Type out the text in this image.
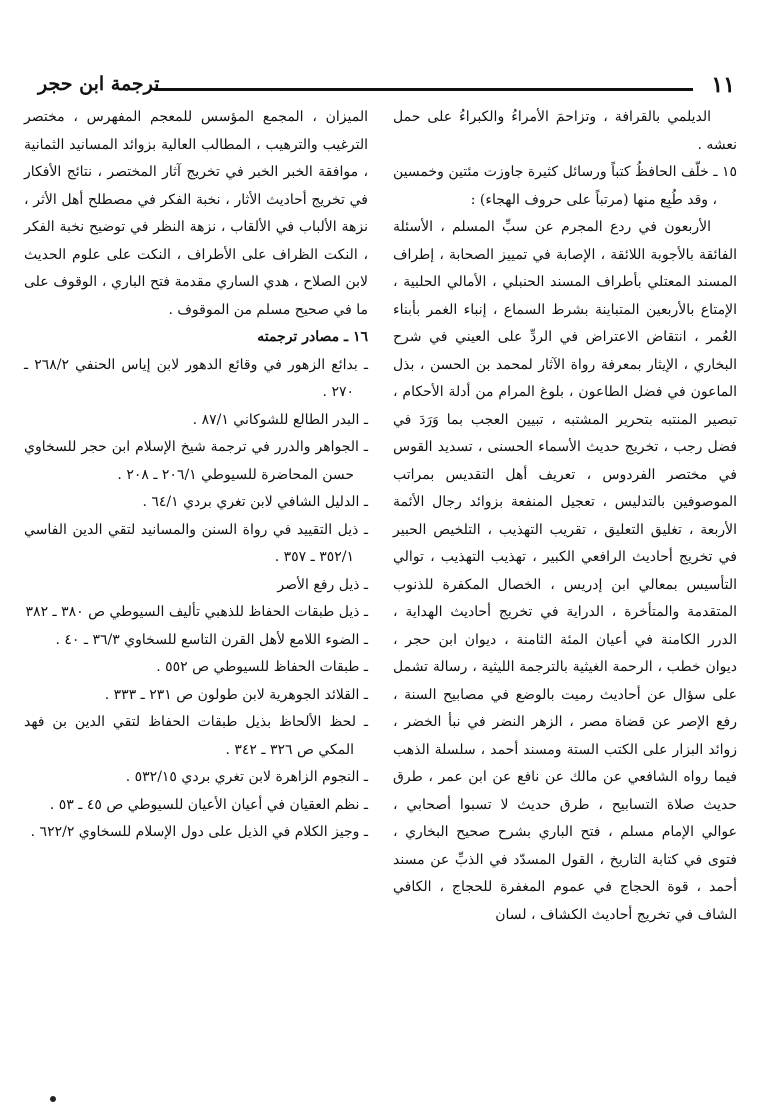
١١
ترجمة ابن حجر

الديلمي بالقرافة ، وتزاحمَ الأمراءُ والكبراءُ على حمل نعشه .

١٥ ـ خلّف الحافظُ كتباً ورسائل كثيرة جاوزت مئتين وخمسين ، وقد طُبِع منها (مرتباً على حروف الهجاء) :

الأربعون في ردع المجرم عن سبِّ المسلم ، الأسئلة الفائقة بالأجوبة اللائقة ، الإصابة في تمييز الصحابة ، إطراف المسند المعتلي بأطراف المسند الحنبلي ، الأمالي الحلبية ، الإمتاع بالأربعين المتباينة بشرط السماع ، إنباء الغمر بأبناء العُمر ، انتقاض الاعتراض في الردِّ على العيني في شرح البخاري ، الإيثار بمعرفة رواة الآثار لمحمد بن الحسن ، بذل الماعون في فضل الطاعون ، بلوغ المرام من أدلة الأحكام ، تبصير المنتبه بتحرير المشتبه ، تبيين العجب بما وَرَدَ في فضل رجب ، تخريج حديث الأسماء الحسنى ، تسديد القوس في مختصر الفردوس ، تعريف أهل التقديس بمراتب الموصوفين بالتدليس ، تعجيل المنفعة بزوائد رجال الأئمة الأربعة ، تغليق التعليق ، تقريب التهذيب ، التلخيص الحبير في تخريج أحاديث الرافعي الكبير ، تهذيب التهذيب ، توالي التأسيس بمعالي ابن إدريس ، الخصال المكفرة للذنوب المتقدمة والمتأخرة ، الدراية في تخريج أحاديث الهداية ، الدرر الكامنة في أعيان المئة الثامنة ، ديوان ابن حجر ، ديوان خطب ، الرحمة الغيثية بالترجمة الليثية ، رسالة تشمل على سؤال عن أحاديث رميت بالوضع في مصابيح السنة ، رفع الإصر عن قضاة مصر ، الزهر النضر في نبأ الخضر ، زوائد البزار على الكتب الستة ومسند أحمد ، سلسلة الذهب فيما رواه الشافعي عن مالك عن نافع عن ابن عمر ، طرق حديث صلاة التسابيح ، طرق حديث لا تسبوا أصحابي ، عوالي الإمام مسلم ، فتح الباري بشرح صحيح البخاري ، فتوى في كتابة التاريخ ، القول المسدّد في الذبِّ عن مسند أحمد ، قوة الحجاج في عموم المغفرة للحجاج ، الكافي الشاف في تخريج أحاديث الكشاف ، لسان

الميزان ، المجمع المؤسس للمعجم المفهرس ، مختصر الترغيب والترهيب ، المطالب العالية بزوائد المسانيد الثمانية ، موافقة الخبر الخبر في تخريج آثار المختصر ، نتائج الأفكار في تخريج أحاديث الأثار ، نخبة الفكر في مصطلح أهل الأثر ، نزهة الألباب في الألقاب ، نزهة النظر في توضيح نخبة الفكر ، النكت الظراف على الأطراف ، النكت على علوم الحديث لابن الصلاح ، هدي الساري مقدمة فتح الباري ، الوقوف على ما في صحيح مسلم من الموقوف .

١٦ ـ مصادر ترجمته

ـ بدائع الزهور في وقائع الدهور لابن إياس الحنفي ٢٦٨/٢ ـ ٢٧٠ .

ـ البدر الطالع للشوكاني ٨٧/١ .

ـ الجواهر والدرر في ترجمة شيخ الإسلام ابن حجر للسخاوي حسن المحاضرة للسيوطي ٢٠٦/١ ـ ٢٠٨ .

ـ الدليل الشافي لابن تغري بردي ٦٤/١ .

ـ ذيل التقييد في رواة السنن والمسانيد لتقي الدين الفاسي ٣٥٢/١ ـ ٣٥٧ .

ـ ذيل رفع الأصر

ـ ذيل طبقات الحفاظ للذهبي تأليف السيوطي ص ٣٨٠ ـ ٣٨٢

ـ الضوء اللامع لأهل القرن التاسع للسخاوي ٣٦/٣ ـ ٤٠ .

ـ طبقات الحفاظ للسيوطي ص ٥٥٢ .

ـ القلائد الجوهرية لابن طولون ص ٢٣١ ـ ٣٣٣ .

ـ لحظ الألحاظ بذيل طبقات الحفاظ لتقي الدين بن فهد المكي ص ٣٢٦ ـ ٣٤٢ .

ـ النجوم الزاهرة لابن تغري بردي ٥٣٢/١٥ .

ـ نظم العقيان في أعيان الأعيان للسيوطي ص ٤٥ ـ ٥٣ .

ـ وجيز الكلام في الذيل على دول الإسلام للسخاوي ٦٢٢/٢ .
